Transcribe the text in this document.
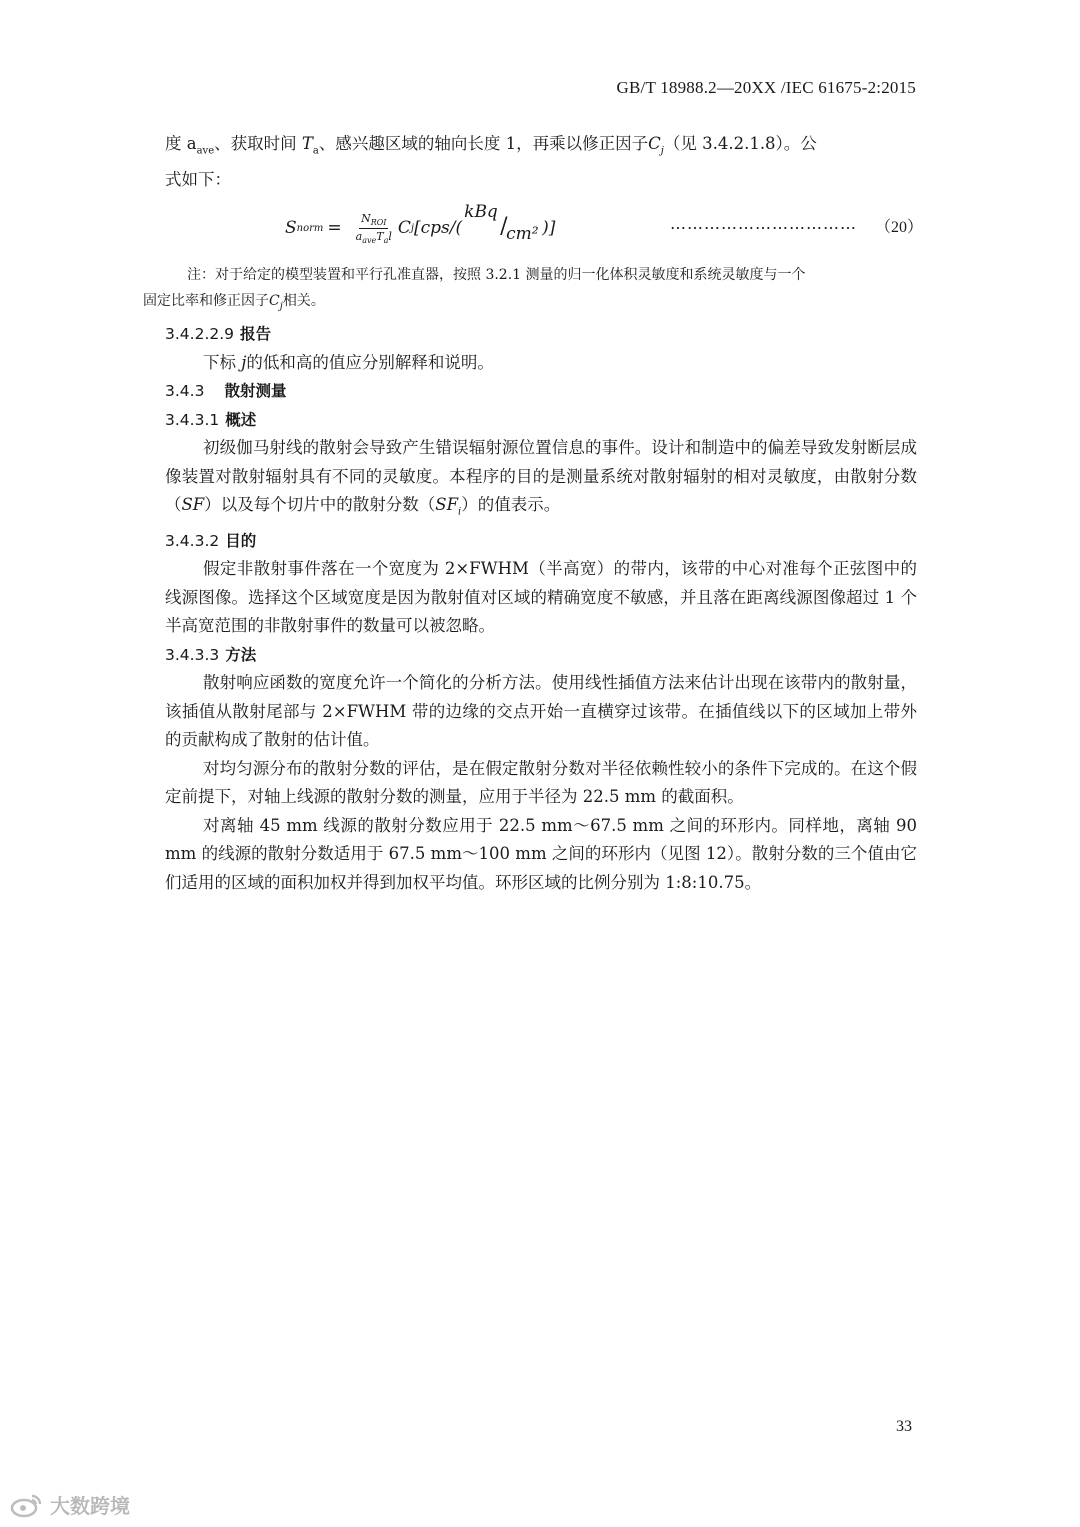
GB/T 18988.2—20XX /IEC 61675-2:2015

度 $a_{ave}$、获取时间 $T_a$、感兴趣区域的轴向长度 1，再乘以修正因子$C_j$（见 3.4.2.1.8）。公
式如下：

S norm = $\frac{N_{ROI}}{a_{ave}T_al}$ C j [cps/(
kBq
/
cm² )]	…………………………… （20）

注：对于给定的模型装置和平行孔准直器，按照 3.2.1 测量的归一化体积灵敏度和系统灵敏度与一个
固定比率和修正因子$C_j$相关。

3.4.2.2.9 报告

下标 j的低和高的值应分别解释和说明。

3.4.3 散射测量

3.4.3.1 概述

初级伽马射线的散射会导致产生错误辐射源位置信息的事件。设计和制造中的偏差导致发射断层成像装置对散射辐射具有不同的灵敏度。本程序的目的是测量系统对散射辐射的相对灵敏度，由散射分数（SF）以及每个切片中的散射分数$(SF_i)$的值表示。

3.4.3.2 目的

假定非散射事件落在一个宽度为 2×FWHM（半高宽）的带内，该带的中心对准每个正弦图中的线源图像。选择这个区域宽度是因为散射值对区域的精确宽度不敏感，并且落在距离线源图像超过 1 个半高宽范围的非散射事件的数量可以被忽略。

3.4.3.3 方法

散射响应函数的宽度允许一个简化的分析方法。使用线性插值方法来估计出现在该带内的散射量，该插值从散射尾部与 2×FWHM 带的边缘的交点开始一直横穿过该带。在插值线以下的区域加上带外的贡献构成了散射的估计值。

对均匀源分布的散射分数的评估，是在假定散射分数对半径依赖性较小的条件下完成的。在这个假定前提下，对轴上线源的散射分数的测量，应用于半径为 22.5 mm 的截面积。

对离轴 45 mm 线源的散射分数应用于 22.5 mm～67.5 mm 之间的环形内。同样地，离轴 90 mm 的线源的散射分数适用于 67.5 mm～100 mm 之间的环形内（见图 12）。散射分数的三个值由它们适用的区域的面积加权并得到加权平均值。环形区域的比例分别为 1:8:10.75。

33
大数跨境
